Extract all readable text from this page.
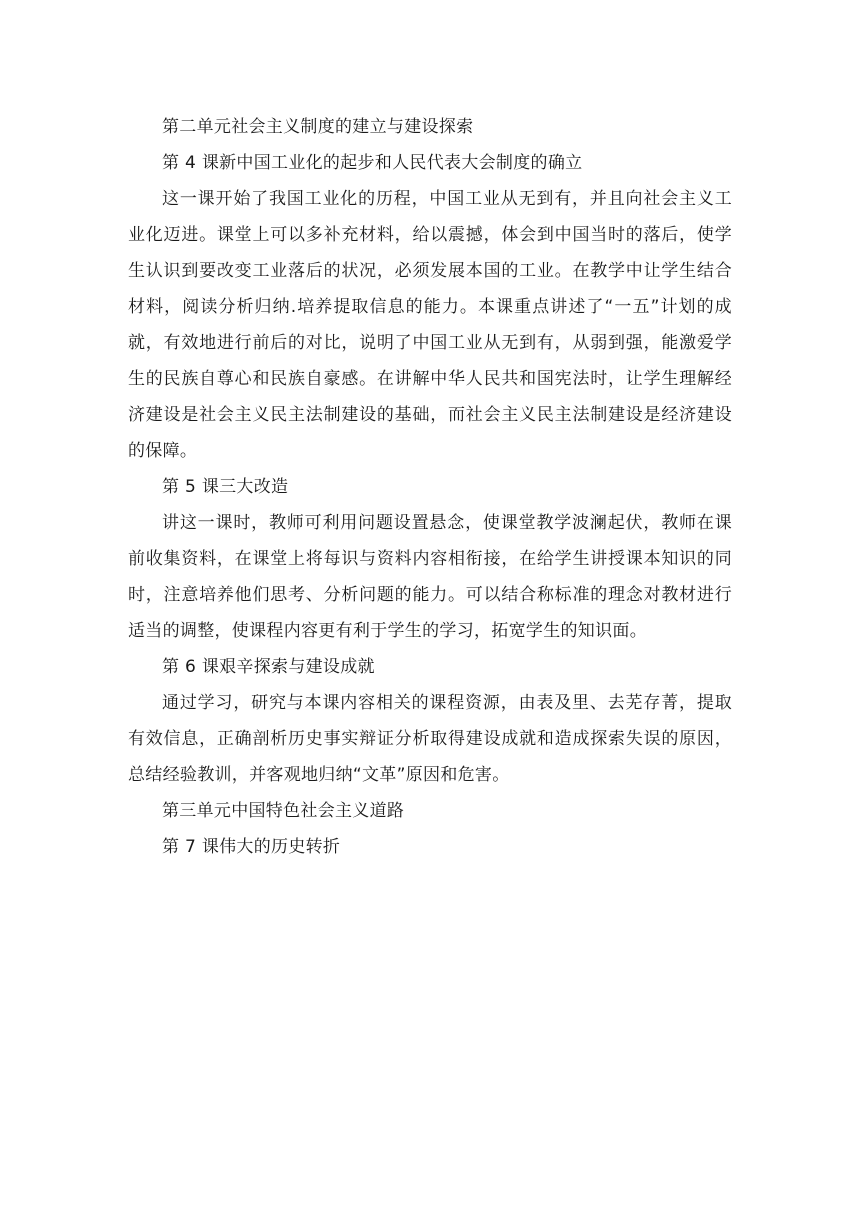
第二单元社会主义制度的建立与建设探索

第 4 课新中国工业化的起步和人民代表大会制度的确立

这一课开始了我国工业化的历程，中国工业从无到有，并且向社会主义工业化迈进。课堂上可以多补充材料，给以震撼，体会到中国当时的落后，使学生认识到要改变工业落后的状况，必须发展本国的工业。在教学中让学生结合材料，阅读分析归纳.培养提取信息的能力。本课重点讲述了“一五”计划的成就，有效地进行前后的对比，说明了中国工业从无到有，从弱到强，能激爱学生的民族自尊心和民族自豪感。在讲解中华人民共和国宪法时，让学生理解经济建设是社会主义民主法制建设的基础，而社会主义民主法制建设是经济建设的保障。

第 5 课三大改造

讲这一课时，教师可利用问题设置悬念，使课堂教学波澜起伏，教师在课前收集资料，在课堂上将每识与资料内容相衔接，在给学生讲授课本知识的同时，注意培养他们思考、分析问题的能力。可以结合称标准的理念对教材进行适当的调整，使课程内容更有利于学生的学习，拓宽学生的知识面。

第 6 课艰辛探索与建设成就

通过学习，研究与本课内容相关的课程资源，由表及里、去芜存菁，提取有效信息，正确剖析历史事实辩证分析取得建设成就和造成探索失误的原因，总结经验教训，并客观地归纳“文革”原因和危害。

第三单元中国特色社会主义道路

第 7 课伟大的历史转折
